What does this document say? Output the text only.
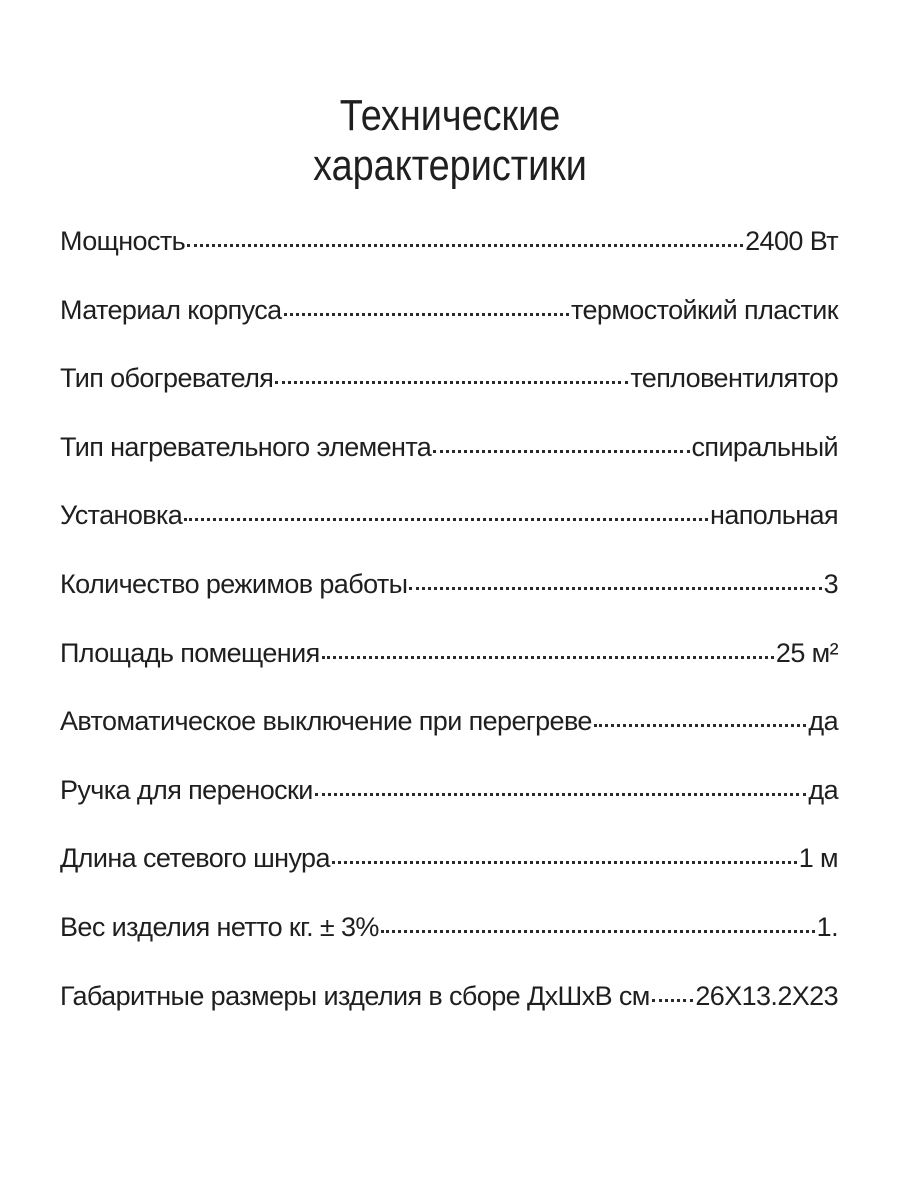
Технические
характеристики
Мощность	2400 Вт
Материал корпуса	термостойкий пластик
Тип обогревателя	тепловентилятор
Тип нагревательного элемента	спиральный
Установка	напольная
Количество режимов работы	3
Площадь помещения	25 м²
Автоматическое выключение при перегреве	да
Ручка для переноски	да
Длина сетевого шнура	1 м
Вес изделия нетто кг. ± 3%	1.
Габаритные размеры изделия в сборе ДхШхВ см 26X13.2X23
